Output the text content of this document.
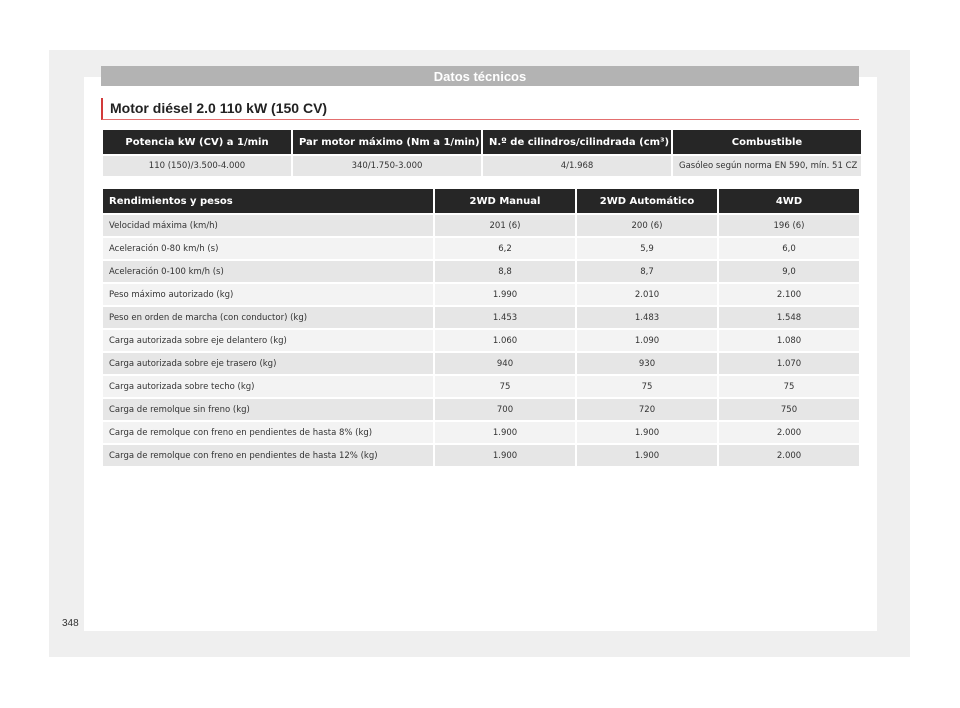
Datos técnicos
Motor diésel 2.0 110 kW (150 CV)
Potencia kW (CV) a 1/min	Par motor máximo (Nm a 1/min)	N.º de cilindros/cilindrada (cm³)	Combustible
110 (150)/3.500-4.000	340/1.750-3.000	4/1.968	Gasóleo según norma EN 590, mín. 51 CZ
Rendimientos y pesos	2WD Manual	2WD Automático	4WD
Velocidad máxima (km/h)	201 (6)	200 (6)	196 (6)
Aceleración 0-80 km/h (s)	6,2	5,9	6,0
Aceleración 0-100 km/h (s)	8,8	8,7	9,0
Peso máximo autorizado (kg)	1.990	2.010	2.100
Peso en orden de marcha (con conductor) (kg)	1.453	1.483	1.548
Carga autorizada sobre eje delantero (kg)	1.060	1.090	1.080
Carga autorizada sobre eje trasero (kg)	940	930	1.070
Carga autorizada sobre techo (kg)	75	75	75
Carga de remolque sin freno (kg)	700	720	750
Carga de remolque con freno en pendientes de hasta 8% (kg)	1.900	1.900	2.000
Carga de remolque con freno en pendientes de hasta 12% (kg)	1.900	1.900	2.000
348
